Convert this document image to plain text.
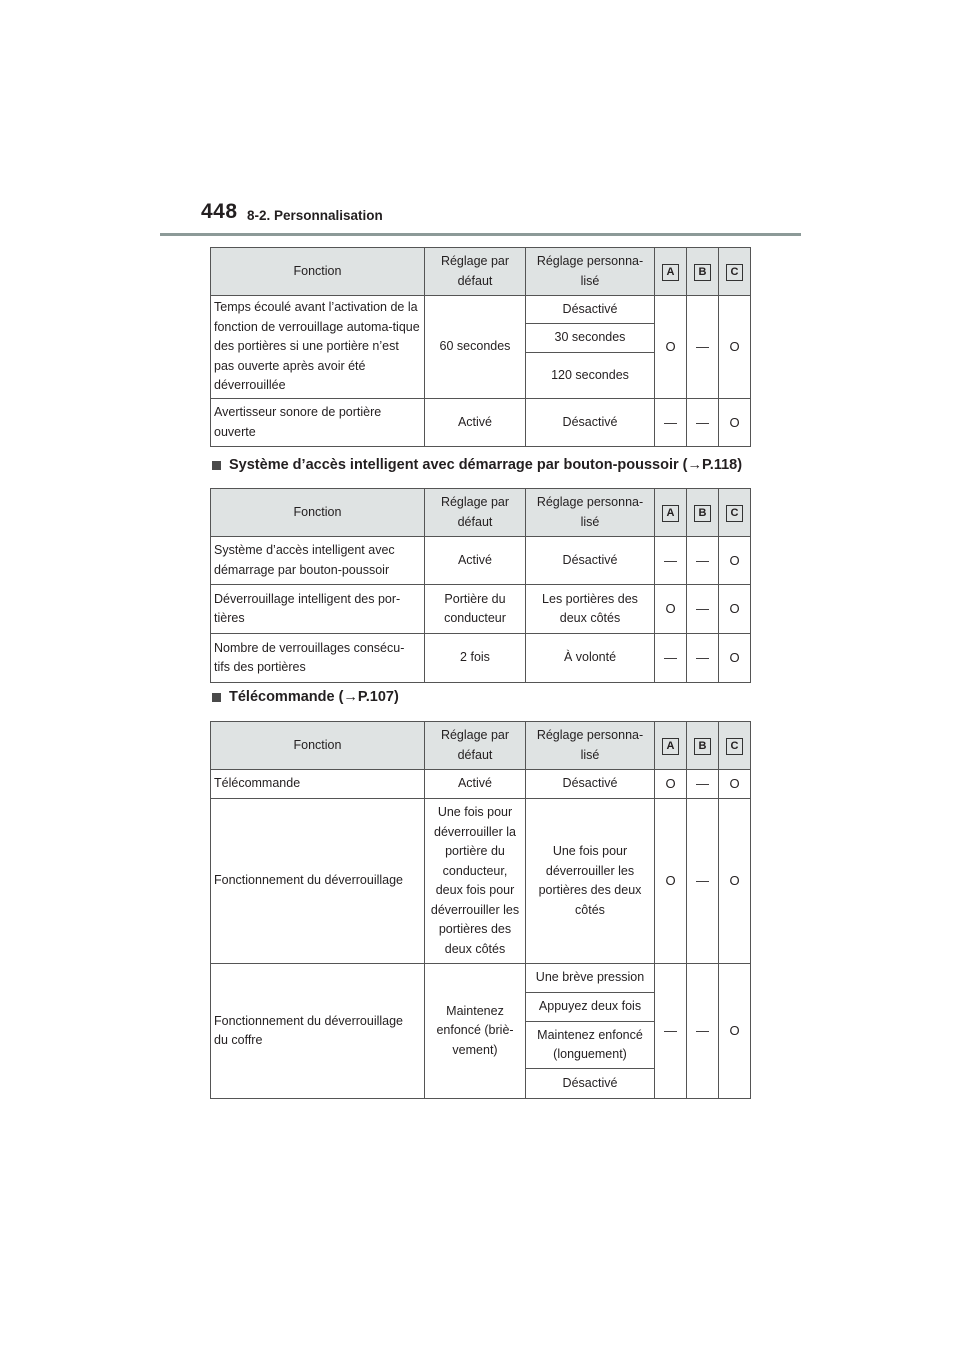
448 8-2. Personnalisation
Fonction	Réglage par défaut	Réglage personna-lisé	A	B	C
Temps écoulé avant l’activation de la fonction de verrouillage automa-tique des portières si une portière n’est pas ouverte après avoir été déverrouillée	60 secondes	Désactivé	O	—	O
		30 secondes			
		120 secondes			
Avertisseur sonore de portière ouverte	Activé	Désactivé	—	—	O
Système d’accès intelligent avec démarrage par bouton-poussoir (→P.118)
Fonction	Réglage par défaut	Réglage personna-lisé	A	B	C
Système d’accès intelligent avec démarrage par bouton-poussoir	Activé	Désactivé	—	—	O
Déverrouillage intelligent des por-tières	Portière du conducteur	Les portières des deux côtés	O	—	O
Nombre de verrouillages consécu-tifs des portières	2 fois	À volonté	—	—	O
Télécommande (→P.107)
Fonction	Réglage par défaut	Réglage personna-lisé	A	B	C
Télécommande	Activé	Désactivé	O	—	O
Fonctionnement du déverrouillage	Une fois pour déverrouiller la portière du conducteur, deux fois pour déverrouiller les portières des deux côtés	Une fois pour déverrouiller les portières des deux côtés	O	—	O
Fonctionnement du déverrouillage du coffre	Maintenez enfoncé (briè-vement)	Une brève pression	—	—	O
		Appuyez deux fois			
		Maintenez enfoncé (longuement)			
		Désactivé			
